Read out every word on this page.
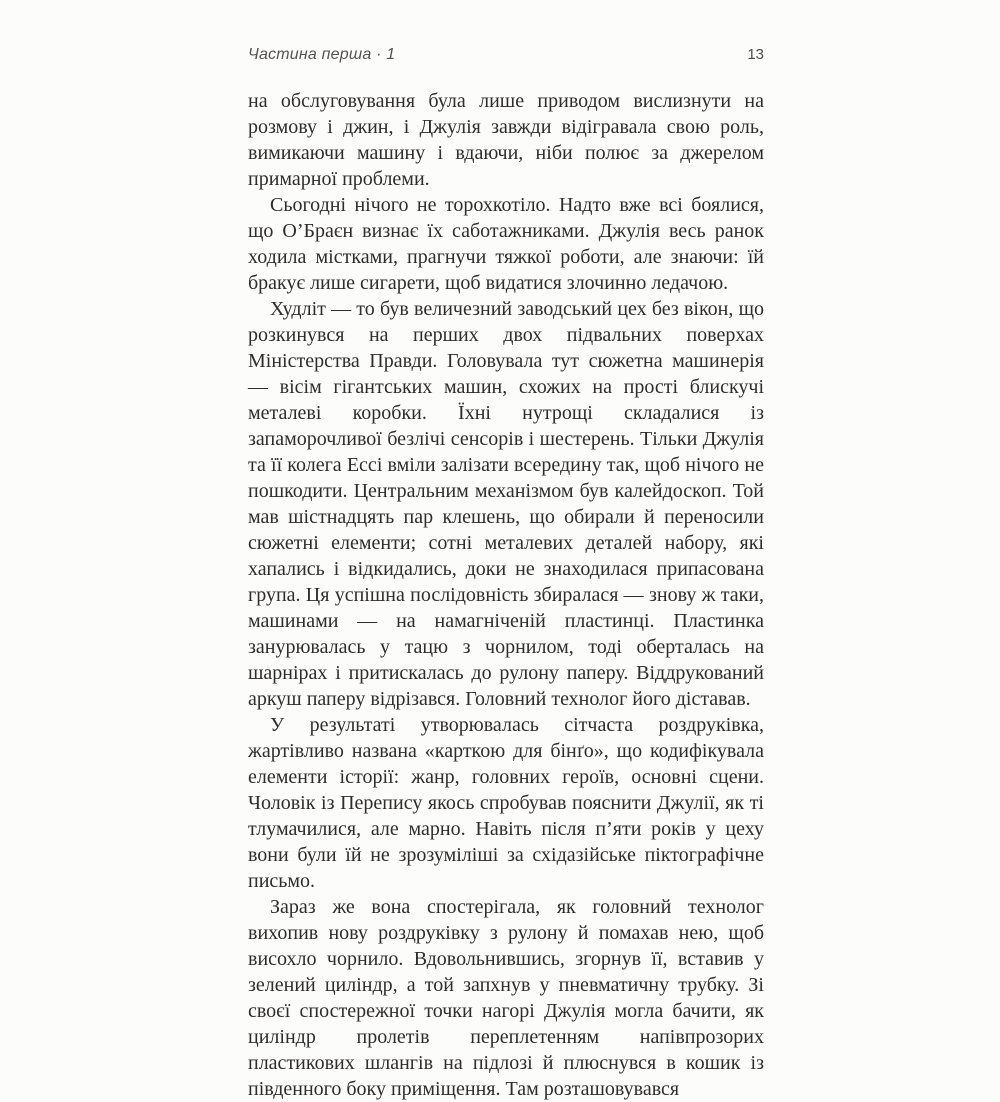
Частина перша · 1	13

на обслуговування була лише приводом вислизнути на розмову і джин, і Джулія завжди відігравала свою роль, вимикаючи машину і вдаючи, ніби полює за джерелом примарної проблеми.

Сьогодні нічого не торохкотіло. Надто вже всі боялися, що О’Браєн визнає їх саботажниками. Джулія весь ранок ходила містками, прагнучи тяжкої роботи, але знаючи: їй бракує лише сигарети, щоб видатися злочинно ледачою.

Худліт — то був величезний заводський цех без вікон, що розкинувся на перших двох підвальних поверхах Міністерства Правди. Головувала тут сюжетна машинерія — вісім гігантських машин, схожих на прості блискучі металеві коробки. Їхні нутрощі складалися із запаморочливої безлічі сенсорів і шестерень. Тільки Джулія та її колега Ессі вміли залізати всередину так, щоб нічого не пошкодити. Центральним механізмом був калейдоскоп. Той мав шістнадцять пар клешень, що обирали й переносили сюжетні елементи; сотні металевих деталей набору, які хапались і відкидались, доки не знаходилася припасована група. Ця успішна послідовність збиралася — знову ж таки, машинами — на намагніченій пластинці. Пластинка занурювалась у тацю з чорнилом, тоді оберталась на шарнірах і притискалась до рулону паперу. Віддрукований аркуш паперу відрізався. Головний технолог його діставав.

У результаті утворювалась сітчаста роздруківка, жартівливо названа «карткою для бінґо», що кодифікувала елементи історії: жанр, головних героїв, основні сцени. Чоловік із Перепису якось спробував пояснити Джулії, як ті тлумачилися, але марно. Навіть після п’яти років у цеху вони були їй не зрозуміліші за східазійське піктографічне письмо.

Зараз же вона спостерігала, як головний технолог вихопив нову роздруківку з рулону й помахав нею, щоб висохло чорнило. Вдовольнившись, згорнув її, вставив у зелений циліндр, а той запхнув у пневматичну трубку. Зі своєї спостережної точки нагорі Джулія могла бачити, як циліндр пролетів переплетенням напівпрозорих пластикових шлангів на підлозі й плюснувся в кошик із південного боку приміщення. Там розташовувався
